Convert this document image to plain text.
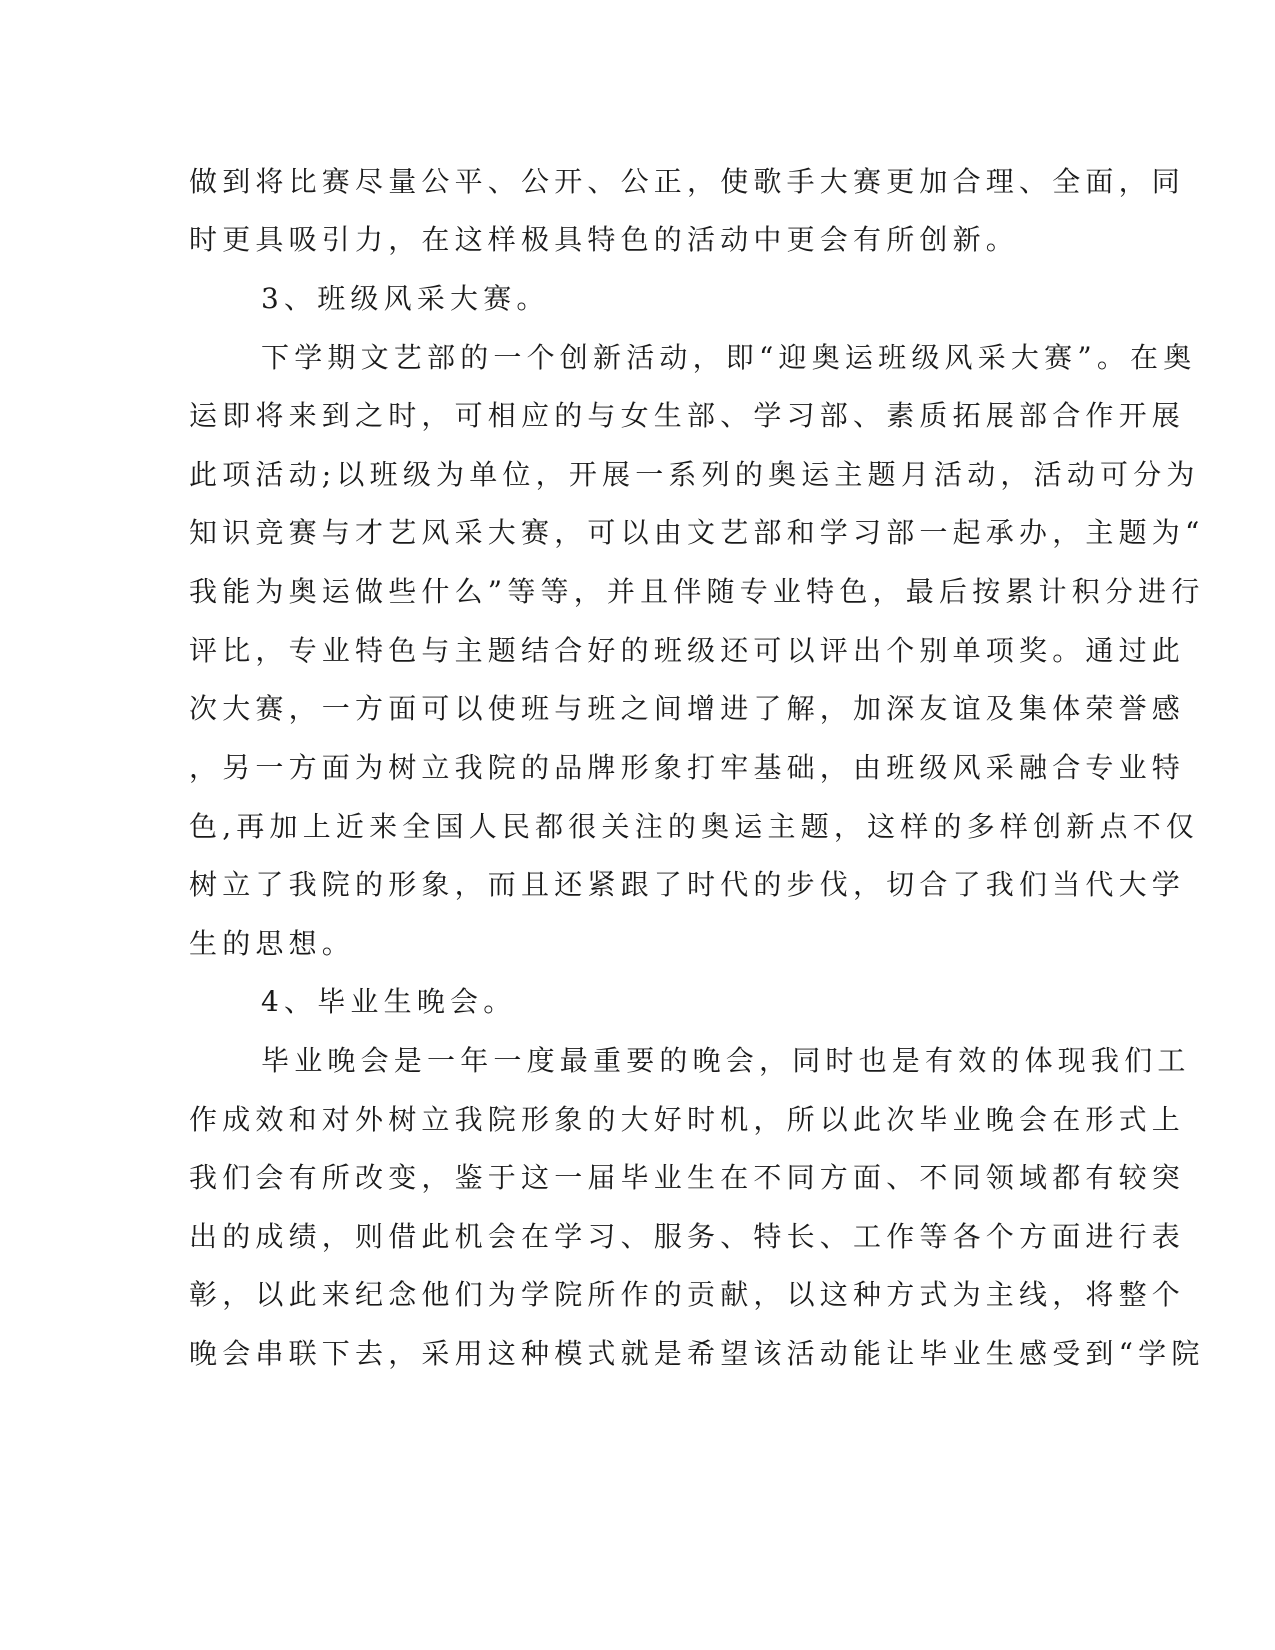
做到将比赛尽量公平、公开、公正，使歌手大赛更加合理、全面，同
时更具吸引力，在这样极具特色的活动中更会有所创新。
3、班级风采大赛。
下学期文艺部的一个创新活动，即“迎奥运班级风采大赛”。在奥
运即将来到之时，可相应的与女生部、学习部、素质拓展部合作开展
此项活动;以班级为单位，开展一系列的奥运主题月活动，活动可分为
知识竞赛与才艺风采大赛，可以由文艺部和学习部一起承办，主题为“
我能为奥运做些什么”等等，并且伴随专业特色，最后按累计积分进行
评比，专业特色与主题结合好的班级还可以评出个别单项奖。通过此
次大赛，一方面可以使班与班之间增进了解，加深友谊及集体荣誉感
，另一方面为树立我院的品牌形象打牢基础，由班级风采融合专业特
色,再加上近来全国人民都很关注的奥运主题，这样的多样创新点不仅
树立了我院的形象，而且还紧跟了时代的步伐，切合了我们当代大学
生的思想。
4、毕业生晚会。
毕业晚会是一年一度最重要的晚会，同时也是有效的体现我们工
作成效和对外树立我院形象的大好时机，所以此次毕业晚会在形式上
我们会有所改变，鉴于这一届毕业生在不同方面、不同领域都有较突
出的成绩，则借此机会在学习、服务、特长、工作等各个方面进行表
彰，以此来纪念他们为学院所作的贡献，以这种方式为主线，将整个
晚会串联下去，采用这种模式就是希望该活动能让毕业生感受到“学院
